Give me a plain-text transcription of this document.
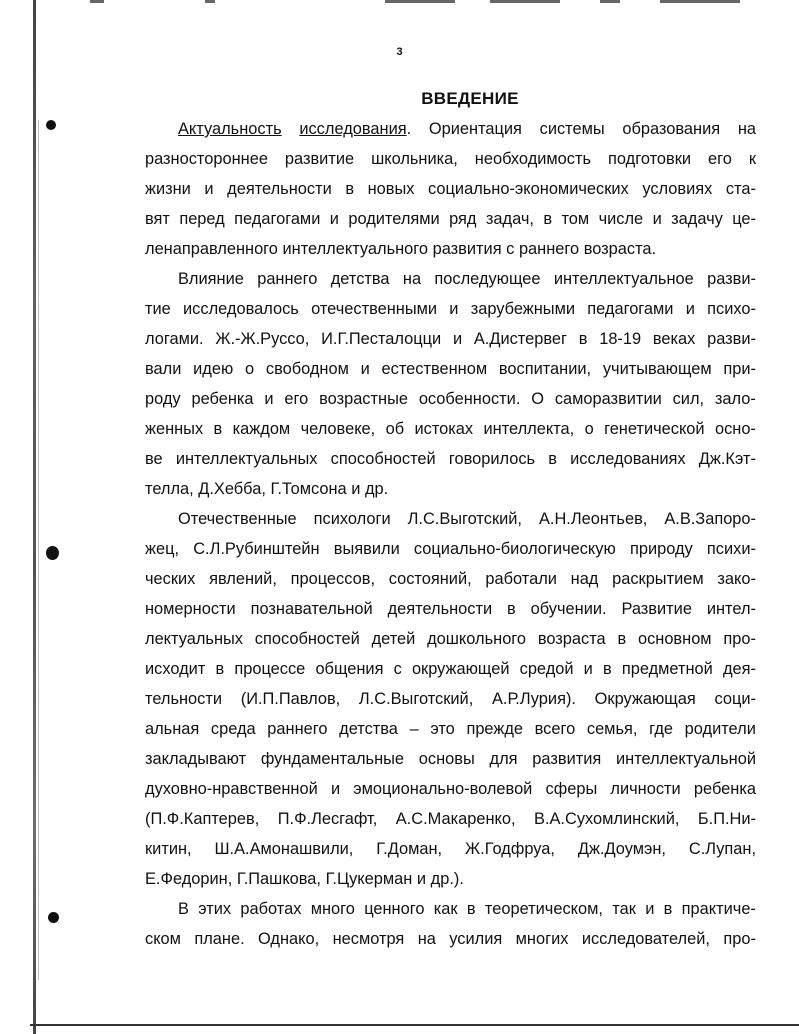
3
ВВЕДЕНИЕ
Актуальность исследования. Ориентация системы образования на
разностороннее развитие школьника, необходимость подготовки его к
жизни и деятельности в новых социально-экономических условиях ста-
вят перед педагогами и родителями ряд задач, в том числе и задачу це-
ленаправленного интеллектуального развития с раннего возраста.
Влияние раннего детства на последующее интеллектуальное разви-
тие исследовалось отечественными и зарубежными педагогами и психо-
логами. Ж.-Ж.Руссо, И.Г.Песталоцци и А.Дистервег в 18-19 веках разви-
вали идею о свободном и естественном воспитании, учитывающем при-
роду ребенка и его возрастные особенности. О саморазвитии сил, зало-
женных в каждом человеке, об истоках интеллекта, о генетической осно-
ве интеллектуальных способностей говорилось в исследованиях Дж.Кэт-
телла, Д.Хебба, Г.Томсона и др.
Отечественные психологи Л.С.Выготский, А.Н.Леонтьев, А.В.Запоро-
жец, С.Л.Рубинштейн выявили социально-биологическую природу психи-
ческих явлений, процессов, состояний, работали над раскрытием зако-
номерности познавательной деятельности в обучении. Развитие интел-
лектуальных способностей детей дошкольного возраста в основном про-
исходит в процессе общения с окружающей средой и в предметной дея-
тельности (И.П.Павлов, Л.С.Выготский, А.Р.Лурия). Окружающая соци-
альная среда раннего детства – это прежде всего семья, где родители
закладывают фундаментальные основы для развития интеллектуальной
духовно-нравственной и эмоционально-волевой сферы личности ребенка
(П.Ф.Каптерев, П.Ф.Лесгафт, А.С.Макаренко, В.А.Сухомлинский, Б.П.Ни-
китин, Ш.А.Амонашвили, Г.Доман, Ж.Годфруа, Дж.Доумэн, С.Лупан,
Е.Федорин, Г.Пашкова, Г.Цукерман и др.).
В этих работах много ценного как в теоретическом, так и в практиче-
ском плане. Однако, несмотря на усилия многих исследователей, про-
